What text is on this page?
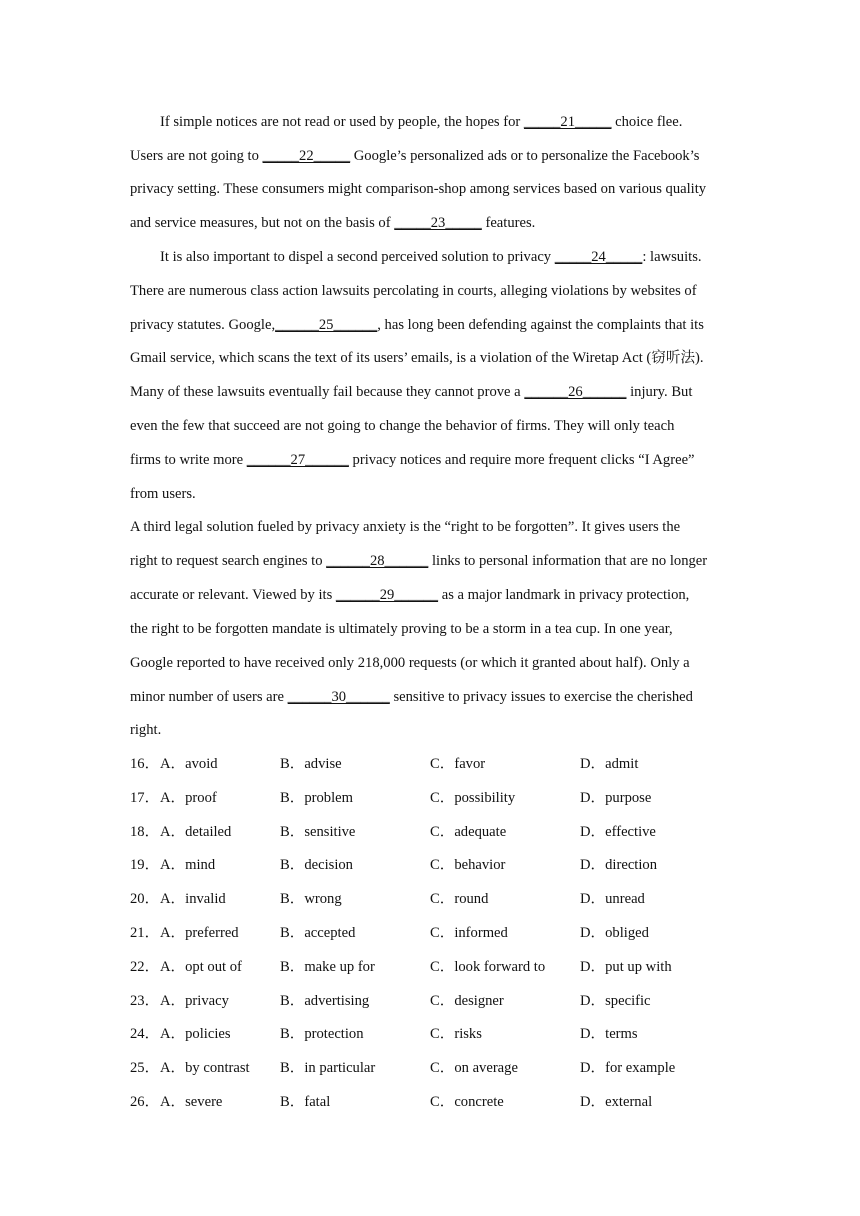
If simple notices are not read or used by people, the hopes for _____21_____ choice flee.
Users are not going to _____22_____ Google’s personalized ads or to personalize the Facebook’s
privacy setting. These consumers might comparison-shop among services based on various quality
and service measures, but not on the basis of _____23_____ features.
It is also important to dispel a second perceived solution to privacy _____24_____: lawsuits.
There are numerous class action lawsuits percolating in courts, alleging violations by websites of
privacy statutes. Google,______25______, has long been defending against the complaints that its
Gmail service, which scans the text of its users’ emails, is a violation of the Wiretap Act (窃听法).
Many of these lawsuits eventually fail because they cannot prove a ______26______ injury. But
even the few that succeed are not going to change the behavior of firms. They will only teach
firms to write more ______27______ privacy notices and require more frequent clicks “I Agree”
from users.
A third legal solution fueled by privacy anxiety is the “right to be forgotten”. It gives users the
right to request search engines to ______28______ links to personal information that are no longer
accurate or relevant. Viewed by its ______29______ as a major landmark in privacy protection,
the right to be forgotten mandate is ultimately proving to be a storm in a tea cup. In one year,
Google reported to have received only 218,000 requests (or which it granted about half). Only a
minor number of users are ______30______ sensitive to privacy issues to exercise the cherished
right.
16． A．avoid	B．advise	C．favor	D．admit
17． A．proof	B．problem	C．possibility	D．purpose
18． A．detailed	B．sensitive	C．adequate	D．effective
19． A．mind	B．decision	C．behavior	D．direction
20． A．invalid	B．wrong	C．round	D．unread
21． A．preferred	B．accepted	C．informed	D．obliged
22． A．opt out of	B．make up for	C．look forward to D．put up with
23． A．privacy	B．advertising	C．designer	D．specific
24． A．policies	B．protection	C．risks	D．terms
25． A．by contrast B．in particular	C．on average	D．for example
26． A．severe	B．fatal	C．concrete	D．external
